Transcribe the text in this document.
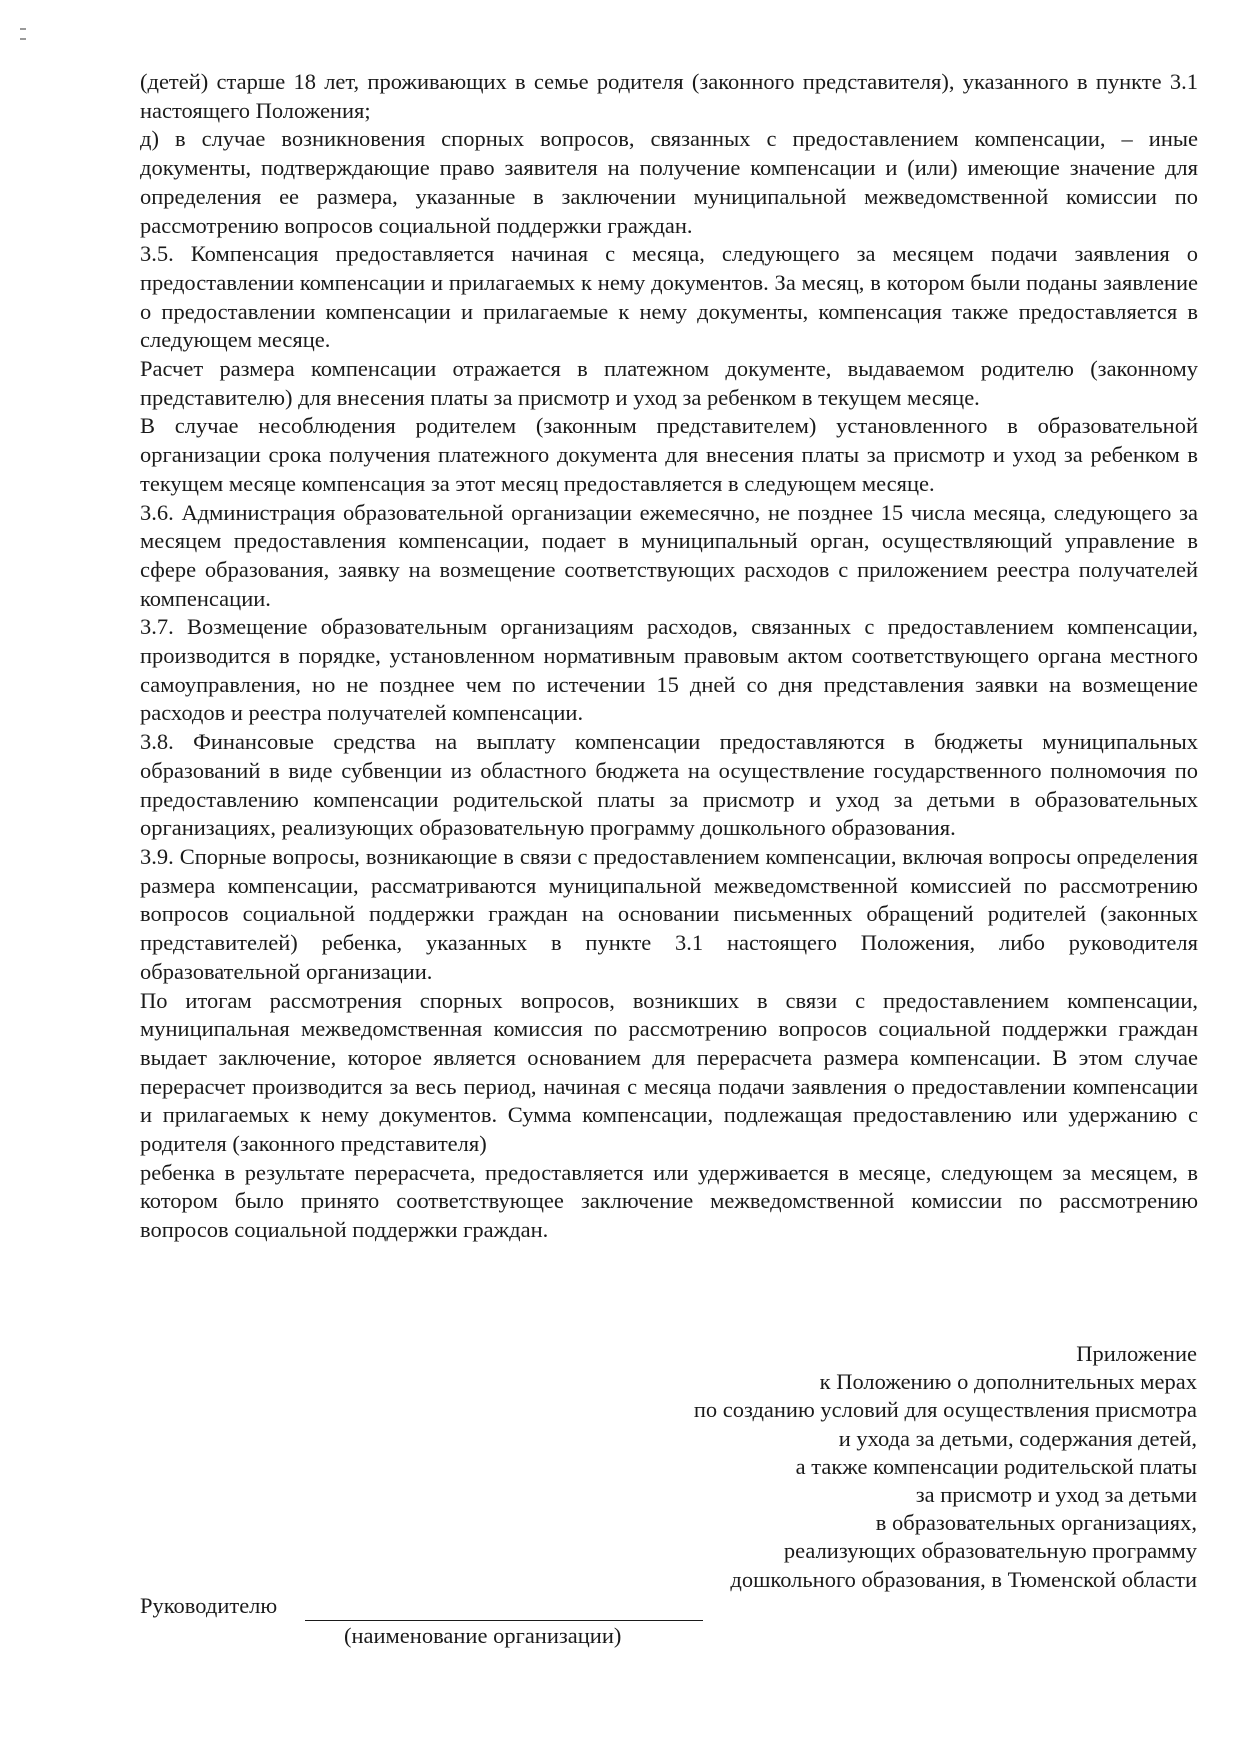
(детей) старше 18 лет, проживающих в семье родителя (законного представителя), указанного в пункте 3.1 настоящего Положения;

д) в случае возникновения спорных вопросов, связанных с предоставлением компенсации, – иные документы, подтверждающие право заявителя на получение компенсации и (или) имеющие значение для определения ее размера, указанные в заключении муниципальной межведомственной комиссии по рассмотрению вопросов социальной поддержки граждан.

3.5. Компенсация предоставляется начиная с месяца, следующего за месяцем подачи заявления о предоставлении компенсации и прилагаемых к нему документов. За месяц, в котором были поданы заявление о предоставлении компенсации и прилагаемые к нему документы, компенсация также предоставляется в следующем месяце.

Расчет размера компенсации отражается в платежном документе, выдаваемом родителю (законному представителю) для внесения платы за присмотр и уход за ребенком в текущем месяце.

В случае несоблюдения родителем (законным представителем) установленного в образовательной организации срока получения платежного документа для внесения платы за присмотр и уход за ребенком в текущем месяце компенсация за этот месяц предоставляется в следующем месяце.

3.6. Администрация образовательной организации ежемесячно, не позднее 15 числа месяца, следующего за месяцем предоставления компенсации, подает в муниципальный орган, осуществляющий управление в сфере образования, заявку на возмещение соответствующих расходов с приложением реестра получателей компенсации.

3.7. Возмещение образовательным организациям расходов, связанных с предоставлением компенсации, производится в порядке, установленном нормативным правовым актом соответствующего органа местного самоуправления, но не позднее чем по истечении 15 дней со дня представления заявки на возмещение расходов и реестра получателей компенсации.

3.8. Финансовые средства на выплату компенсации предоставляются в бюджеты муниципальных образований в виде субвенции из областного бюджета на осуществление государственного полномочия по предоставлению компенсации родительской платы за присмотр и уход за детьми в образовательных организациях, реализующих образовательную программу дошкольного образования.

3.9. Спорные вопросы, возникающие в связи с предоставлением компенсации, включая вопросы определения размера компенсации, рассматриваются муниципальной межведомственной комиссией по рассмотрению вопросов социальной поддержки граждан на основании письменных обращений родителей (законных представителей) ребенка, указанных в пункте 3.1 настоящего Положения, либо руководителя образовательной организации.

По итогам рассмотрения спорных вопросов, возникших в связи с предоставлением компенсации, муниципальная межведомственная комиссия по рассмотрению вопросов социальной поддержки граждан выдает заключение, которое является основанием для перерасчета размера компенсации. В этом случае перерасчет производится за весь период, начиная с месяца подачи заявления о предоставлении компенсации и прилагаемых к нему документов. Сумма компенсации, подлежащая предоставлению или удержанию с родителя (законного представителя)

ребенка в результате перерасчета, предоставляется или удерживается в месяце, следующем за месяцем, в котором было принято соответствующее заключение межведомственной комиссии по рассмотрению вопросов социальной поддержки граждан.

Приложение
к Положению о дополнительных мерах
по созданию условий для осуществления присмотра
и ухода за детьми, содержания детей,
а также компенсации родительской платы
за присмотр и уход за детьми
в образовательных организациях,
реализующих образовательную программу
дошкольного образования, в Тюменской области
Руководителю
(наименование организации)
